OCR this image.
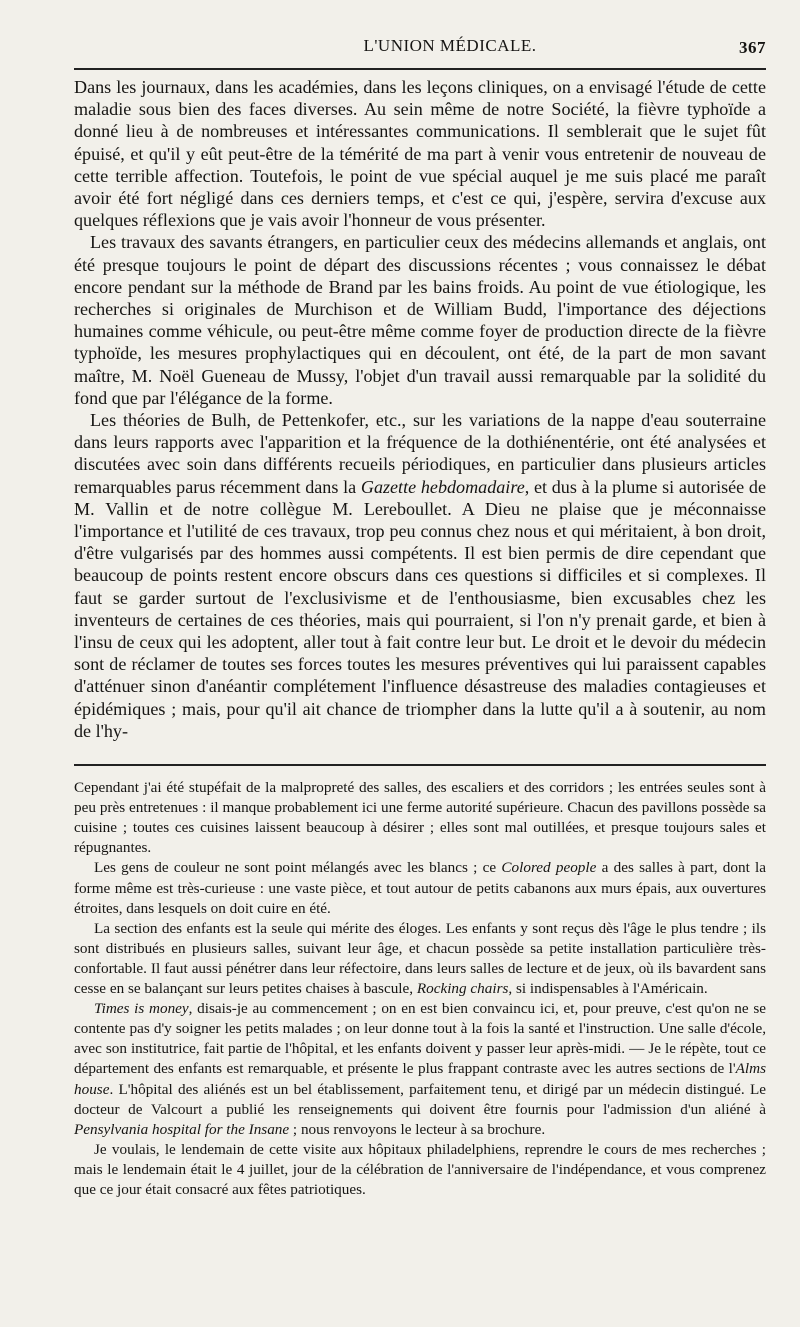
L'UNION MÉDICALE.	367

Dans les journaux, dans les académies, dans les leçons cliniques, on a envisagé l'étude de cette maladie sous bien des faces diverses. Au sein même de notre Société, la fièvre typhoïde a donné lieu à de nombreuses et intéressantes communications. Il semblerait que le sujet fût épuisé, et qu'il y eût peut-être de la témérité de ma part à venir vous entretenir de nouveau de cette terrible affection. Toutefois, le point de vue spécial auquel je me suis placé me paraît avoir été fort négligé dans ces derniers temps, et c'est ce qui, j'espère, servira d'excuse aux quelques réflexions que je vais avoir l'honneur de vous présenter.

Les travaux des savants étrangers, en particulier ceux des médecins allemands et anglais, ont été presque toujours le point de départ des discussions récentes ; vous connaissez le débat encore pendant sur la méthode de Brand par les bains froids. Au point de vue étiologique, les recherches si originales de Murchison et de William Budd, l'importance des déjections humaines comme véhicule, ou peut-être même comme foyer de production directe de la fièvre typhoïde, les mesures prophylactiques qui en découlent, ont été, de la part de mon savant maître, M. Noël Gueneau de Mussy, l'objet d'un travail aussi remarquable par la solidité du fond que par l'élégance de la forme.

Les théories de Bulh, de Pettenkofer, etc., sur les variations de la nappe d'eau souterraine dans leurs rapports avec l'apparition et la fréquence de la dothiénentérie, ont été analysées et discutées avec soin dans différents recueils périodiques, en particulier dans plusieurs articles remarquables parus récemment dans la Gazette hebdomadaire, et dus à la plume si autorisée de M. Vallin et de notre collègue M. Lereboullet. A Dieu ne plaise que je méconnaisse l'importance et l'utilité de ces travaux, trop peu connus chez nous et qui méritaient, à bon droit, d'être vulgarisés par des hommes aussi compétents. Il est bien permis de dire cependant que beaucoup de points restent encore obscurs dans ces questions si difficiles et si complexes. Il faut se garder surtout de l'exclusivisme et de l'enthousiasme, bien excusables chez les inventeurs de certaines de ces théories, mais qui pourraient, si l'on n'y prenait garde, et bien à l'insu de ceux qui les adoptent, aller tout à fait contre leur but. Le droit et le devoir du médecin sont de réclamer de toutes ses forces toutes les mesures préventives qui lui paraissent capables d'atténuer sinon d'anéantir complétement l'influence désastreuse des maladies contagieuses et épidémiques ; mais, pour qu'il ait chance de triompher dans la lutte qu'il a à soutenir, au nom de l'hy-

Cependant j'ai été stupéfait de la malpropreté des salles, des escaliers et des corridors ; les entrées seules sont à peu près entretenues : il manque probablement ici une ferme autorité supérieure. Chacun des pavillons possède sa cuisine ; toutes ces cuisines laissent beaucoup à désirer ; elles sont mal outillées, et presque toujours sales et répugnantes.

Les gens de couleur ne sont point mélangés avec les blancs ; ce Colored people a des salles à part, dont la forme même est très-curieuse : une vaste pièce, et tout autour de petits cabanons aux murs épais, aux ouvertures étroites, dans lesquels on doit cuire en été.

La section des enfants est la seule qui mérite des éloges. Les enfants y sont reçus dès l'âge le plus tendre ; ils sont distribués en plusieurs salles, suivant leur âge, et chacun possède sa petite installation particulière très-confortable. Il faut aussi pénétrer dans leur réfectoire, dans leurs salles de lecture et de jeux, où ils bavardent sans cesse en se balançant sur leurs petites chaises à bascule, Rocking chairs, si indispensables à l'Américain.

Times is money, disais-je au commencement ; on en est bien convaincu ici, et, pour preuve, c'est qu'on ne se contente pas d'y soigner les petits malades ; on leur donne tout à la fois la santé et l'instruction. Une salle d'école, avec son institutrice, fait partie de l'hôpital, et les enfants doivent y passer leur après-midi. — Je le répète, tout ce département des enfants est remarquable, et présente le plus frappant contraste avec les autres sections de l'Alms house. L'hôpital des aliénés est un bel établissement, parfaitement tenu, et dirigé par un médecin distingué. Le docteur de Valcourt a publié les renseignements qui doivent être fournis pour l'admission d'un aliéné à Pensylvania hospital for the Insane ; nous renvoyons le lecteur à sa brochure.

Je voulais, le lendemain de cette visite aux hôpitaux philadelphiens, reprendre le cours de mes recherches ; mais le lendemain était le 4 juillet, jour de la célébration de l'anniversaire de l'indépendance, et vous comprenez que ce jour était consacré aux fêtes patriotiques.
